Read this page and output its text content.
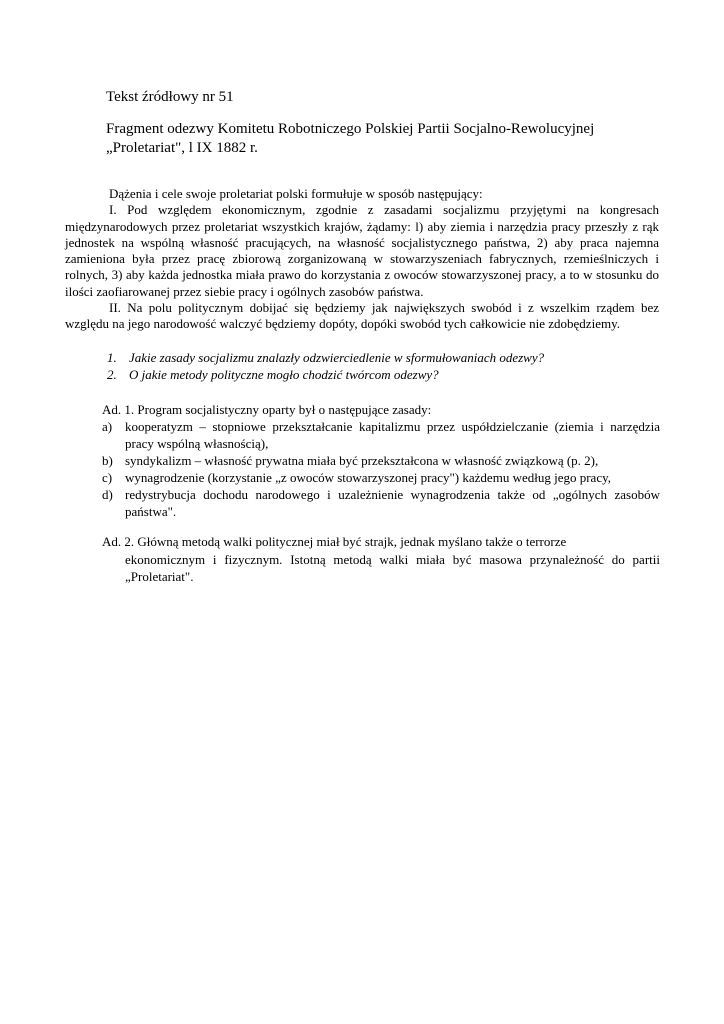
Tekst źródłowy nr 51
Fragment odezwy Komitetu Robotniczego Polskiej Partii Socjalno-Rewolucyjnej
„Proletariat", l IX 1882 r.

Dążenia i cele swoje proletariat polski formułuje w sposób następujący:

I. Pod względem ekonomicznym, zgodnie z zasadami socjalizmu przyjętymi na kongresach międzynarodowych przez proletariat wszystkich krajów, żądamy: l) aby ziemia i narzędzia pracy przeszły z rąk jednostek na wspólną własność pracujących, na własność socjalistycznego państwa, 2) aby praca najemna zamieniona była przez pracę zbiorową zorganizowaną w stowarzyszeniach fabrycznych, rzemieślniczych i rolnych, 3) aby każda jednostka miała prawo do korzystania z owoców stowarzyszonej pracy, a to w stosunku do ilości zaofiarowanej przez siebie pracy i ogólnych zasobów państwa.

II. Na polu politycznym dobijać się będziemy jak największych swobód i z wszelkim rządem bez względu na jego narodowość walczyć będziemy dopóty, dopóki swobód tych całkowicie nie zdobędziemy.

1. Jakie zasady socjalizmu znalazły odzwierciedlenie w sformułowaniach odezwy?
2. O jakie metody polityczne mogło chodzić twórcom odezwy?
Ad. 1. Program socjalistyczny oparty był o następujące zasady:
a) kooperatyzm – stopniowe przekształcanie kapitalizmu przez uspółdzielczanie (ziemia i narzędzia pracy wspólną własnością),
b) syndykalizm – własność prywatna miała być przekształcona w własność związkową (p. 2),
c) wynagrodzenie (korzystanie „z owoców stowarzyszonej pracy") każdemu według jego pracy,
d) redystrybucja dochodu narodowego i uzależnienie wynagrodzenia także od „ogólnych zasobów państwa".
Ad. 2. Główną metodą walki politycznej miał być strajk, jednak myślano także o terrorze
ekonomicznym i fizycznym. Istotną metodą walki miała być masowa przynależność do partii „Proletariat".
